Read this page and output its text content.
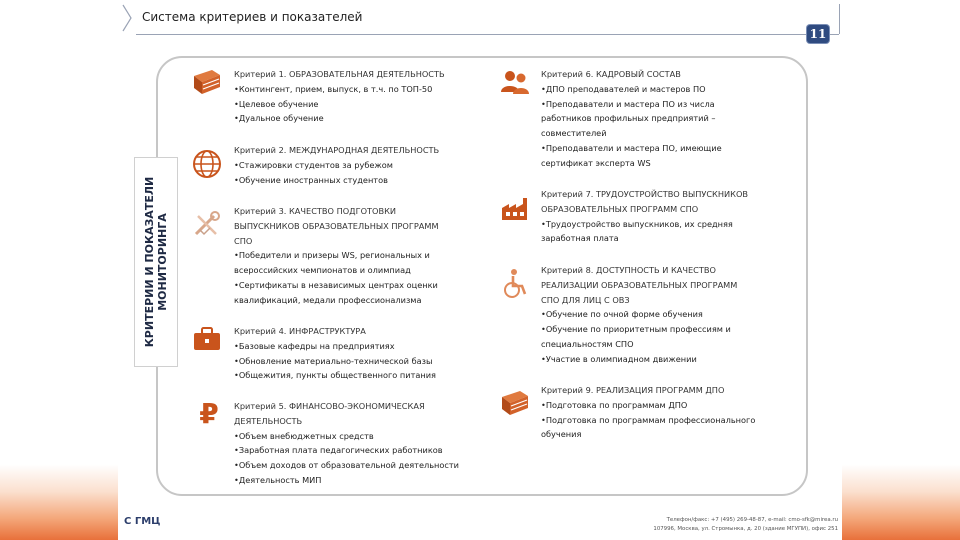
Система критериев и показателей
11
КРИТЕРИИ И ПОКАЗАТЕЛИ МОНИТОРИНГА
₽
Критерий 1. ОБРАЗОВАТЕЛЬНАЯ ДЕЯТЕЛЬНОСТЬ
•Контингент, прием, выпуск, в т.ч. по ТОП-50
•Целевое обучение
•Дуальное обучение
Критерий 2. МЕЖДУНАРОДНАЯ ДЕЯТЕЛЬНОСТЬ
•Стажировки студентов за рубежом
•Обучение иностранных студентов
Критерий 3. КАЧЕСТВО ПОДГОТОВКИ
ВЫПУСКНИКОВ ОБРАЗОВАТЕЛЬНЫХ ПРОГРАММ
СПО
•Победители и призеры WS, региональных и
всероссийских чемпионатов и олимпиад
•Сертификаты в независимых центрах оценки
квалификаций, медали профессионализма
Критерий 4. ИНФРАСТРУКТУРА
•Базовые кафедры на предприятиях
•Обновление материально-технической базы
•Общежития, пункты общественного питания
Критерий 5. ФИНАНСОВО-ЭКОНОМИЧЕСКАЯ
ДЕЯТЕЛЬНОСТЬ
•Объем внебюджетных средств
•Заработная плата педагогических работников
•Объем доходов от образовательной деятельности
•Деятельность МИП
Критерий 6. КАДРОВЫЙ СОСТАВ
•ДПО преподавателей и мастеров ПО
•Преподаватели и мастера ПО из числа
работников профильных предприятий –
совместителей
•Преподаватели и мастера ПО, имеющие
сертификат эксперта WS
Критерий 7. ТРУДОУСТРОЙСТВО ВЫПУСКНИКОВ
ОБРАЗОВАТЕЛЬНЫХ ПРОГРАММ СПО
•Трудоустройство выпускников, их средняя
заработная плата
Критерий 8. ДОСТУПНОСТЬ И КАЧЕСТВО
РЕАЛИЗАЦИИ ОБРАЗОВАТЕЛЬНЫХ ПРОГРАММ
СПО ДЛЯ ЛИЦ С ОВЗ
•Обучение по очной форме обучения
•Обучение по приоритетным профессиям и
специальностям СПО
•Участие в олимпиадном движении
Критерий 9. РЕАЛИЗАЦИЯ ПРОГРАММ ДПО
•Подготовка по программам ДПО
•Подготовка по программам профессионального
обучения
С ГМЦ	Телефон/факс: +7 (495) 269-48-87, e-mail: cmo-sfk@mirea.ru
107996, Москва, ул. Стромынка, д. 20 (здание МГУПИ), офис 251
